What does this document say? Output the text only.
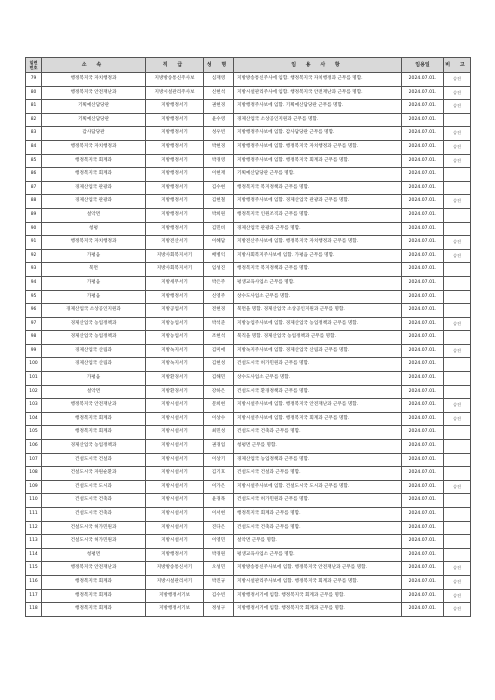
일련
번호	소 속	직 급	성 명	임 용 사 항	임용일	비 고
79	행정복지국 자치행정과	지방방송통신주사보	심재영	지방방송통신주사에 임함. 행정복지국 자치행정과 근무를 명함.	2024.07.01.	승진
80	행정복지국 안전재난과	지방시설관리주사보	신현석	지방시설관리주사에 임함. 행정복지국 안전재난과 근무를 명함.	2024.07.01.	승진
81	기획예산담당관	지방행정서기	권현경	지방행정주사보에 임함. 기획예산담당관 근무를 명함.	2024.07.01.	승진
82	기획예산담당관	지방행정서기	윤수영	경제산업국 소상공인지원과 근무를 명함.	2024.07.01.	
83	감사담당관	지방행정서기	성우빈	지방행정주사보에 임함. 감사담당관 근무를 명함.	2024.07.01.	승진
84	행정복지국 자치행정과	지방행정서기	박현경	지방행정주사보에 임함. 행정복지국 자치행정과 근무를 명함.	2024.07.01.	승진
85	행정복지국 회계과	지방행정서기	박경영	지방행정주사보에 임함. 행정복지국 회계과 근무를 명함.	2024.07.01.	승진
86	행정복지국 회계과	지방행정서기	이현재	기획예산담당관 근무를 명함.	2024.07.01.	
87	경제산업국 관광과	지방행정서기	김수현	행정복지국 복지정책과 근무를 명함.	2024.07.01.	
88	경제산업국 관광과	지방행정서기	김현철	지방행정주사보에 임함. 경제산업국 관광과 근무를 명함.	2024.07.01.	승진
89	설악면	지방행정서기	박희원	행정복지국 인원조직과 근무를 명함.	2024.07.01.	
90	청평	지방행정서기	김민비	경제산업국 관광과 근무를 명함.	2024.07.01.	
91	행정복지국 자치행정과	지방전산서기	이혜담	지방전산주사보에 임함. 행정복지국 자치행정과 근무를 명함.	2024.07.01.	승진
92	가평읍	지방사회복지서기	배병익	지방사회복지주사보에 임함. 가평읍 근무를 명함.	2024.07.01.	승진
93	북면	지방사회복지서기	임성진	행정복지국 복지정책과 근무를 명함.	2024.07.01.	
94	가평읍	지방세무서기	박은주	평생교육사업소 근무를 명함.	2024.07.01.	
95	가평읍	지방행정서기	신영주	상수도사업소 근무를 명함.	2024.07.01.	
96	경제산업국 소상공인지원과	지방공업서기	전현경	북면을 명함. 경제산업국 소상공인지원과 근무를 명함.	2024.07.01.	
97	경제산업국 농업정책과	지방농업서기	박석준	지방농업주사보에 임함. 경제산업국 농업정책과 근무를 명함.	2024.07.01.	승진
98	경제산업국 농업정책과	지방농업서기	조현석	북직을 명함. 경제산업국 농업정책과 근무를 명함.	2024.07.01.	
99	경제산업국 산림과	지방녹지서기	김미애	지방녹지주사보에 임함. 경제산업국 산림과 근무를 명함.	2024.07.01.	승진
100	경제산업국 산림과	지방녹지서기	김현성	건설도시국 허가민원과 근무를 명함.	2024.07.01.	
101	가평읍	지방환경서기	김해민	상수도사업소 근무를 명함.	2024.07.01.	
102	설악면	지방환경서기	강하은	건설도시국 환경정책과 근무를 명함.	2024.07.01.	
103	행정복지국 안전재난과	지방시설서기	문희현	지방시설주사보에 임함. 행정복지국 안전재난과 근무를 명함.	2024.07.01.	승진
104	행정복지국 회계과	지방시설서기	이상수	지방시설주사보에 임함. 행정복지국 회계과 근무를 명함.	2024.07.01.	승진
105	행정복지국 회계과	지방시설서기	최민성	건설도시국 건축과 근무를 명함.	2024.07.01.	
106	경제산업국 농업정책과	지방시설서기	권경업	청평면 근무를 명함.	2024.07.01.	
107	건설도시국 건설과	지방시설서기	이상기	경제산업국 농업정책과 근무를 명함.	2024.07.01.	
108	건설도시국 자원순환과	지방시설서기	김기호	건설도시국 건설과 근무를 명함.	2024.07.01.	
109	건설도시국 도시과	지방시설서기	이가은	지방시설주사보에 임함. 건설도시국 도시과 근무를 명함.	2024.07.01.	승진
110	건설도시국 건축과	지방시설서기	윤경목	건설도시국 허가민원과 근무를 명함.	2024.07.01.	
111	건설도시국 건축과	지방시설서기	이서현	행정복지국 회계과 근무를 명함.	2024.07.01.	
112	건설도시국 허가민원과	지방시설서기	진다은	건설도시국 건축과 근무를 명함.	2024.07.01.	
113	건설도시국 허가민원과	지방시설서기	이영민	설악면 근무를 명함.	2024.07.01.	
114	청평면	지방행정서기	박경원	평생교육사업소 근무를 명함.	2024.07.01.	
115	행정복지국 안전재난과	지방방송통신서기	오성민	지방방송통신주사보에 임함. 행정복지국 안전재난과 근무를 명함.	2024.07.01.	승진
116	행정복지국 회계과	지방시설관리서기	박진규	지방시설관리주사보에 임함. 행정복지국 회계과 근무를 명함.	2024.07.01.	승진
117	행정복지국 회계과	지방행정서기보	김수빈	지방행정서기에 임함. 행정복지국 회계과 근무를 명함.	2024.07.01.	승진
118	행정복지국 회계과	지방행정서기보	정성구	지방행정서기에 임함. 행정복지국 회계과 근무를 명함.	2024.07.01.	승진
